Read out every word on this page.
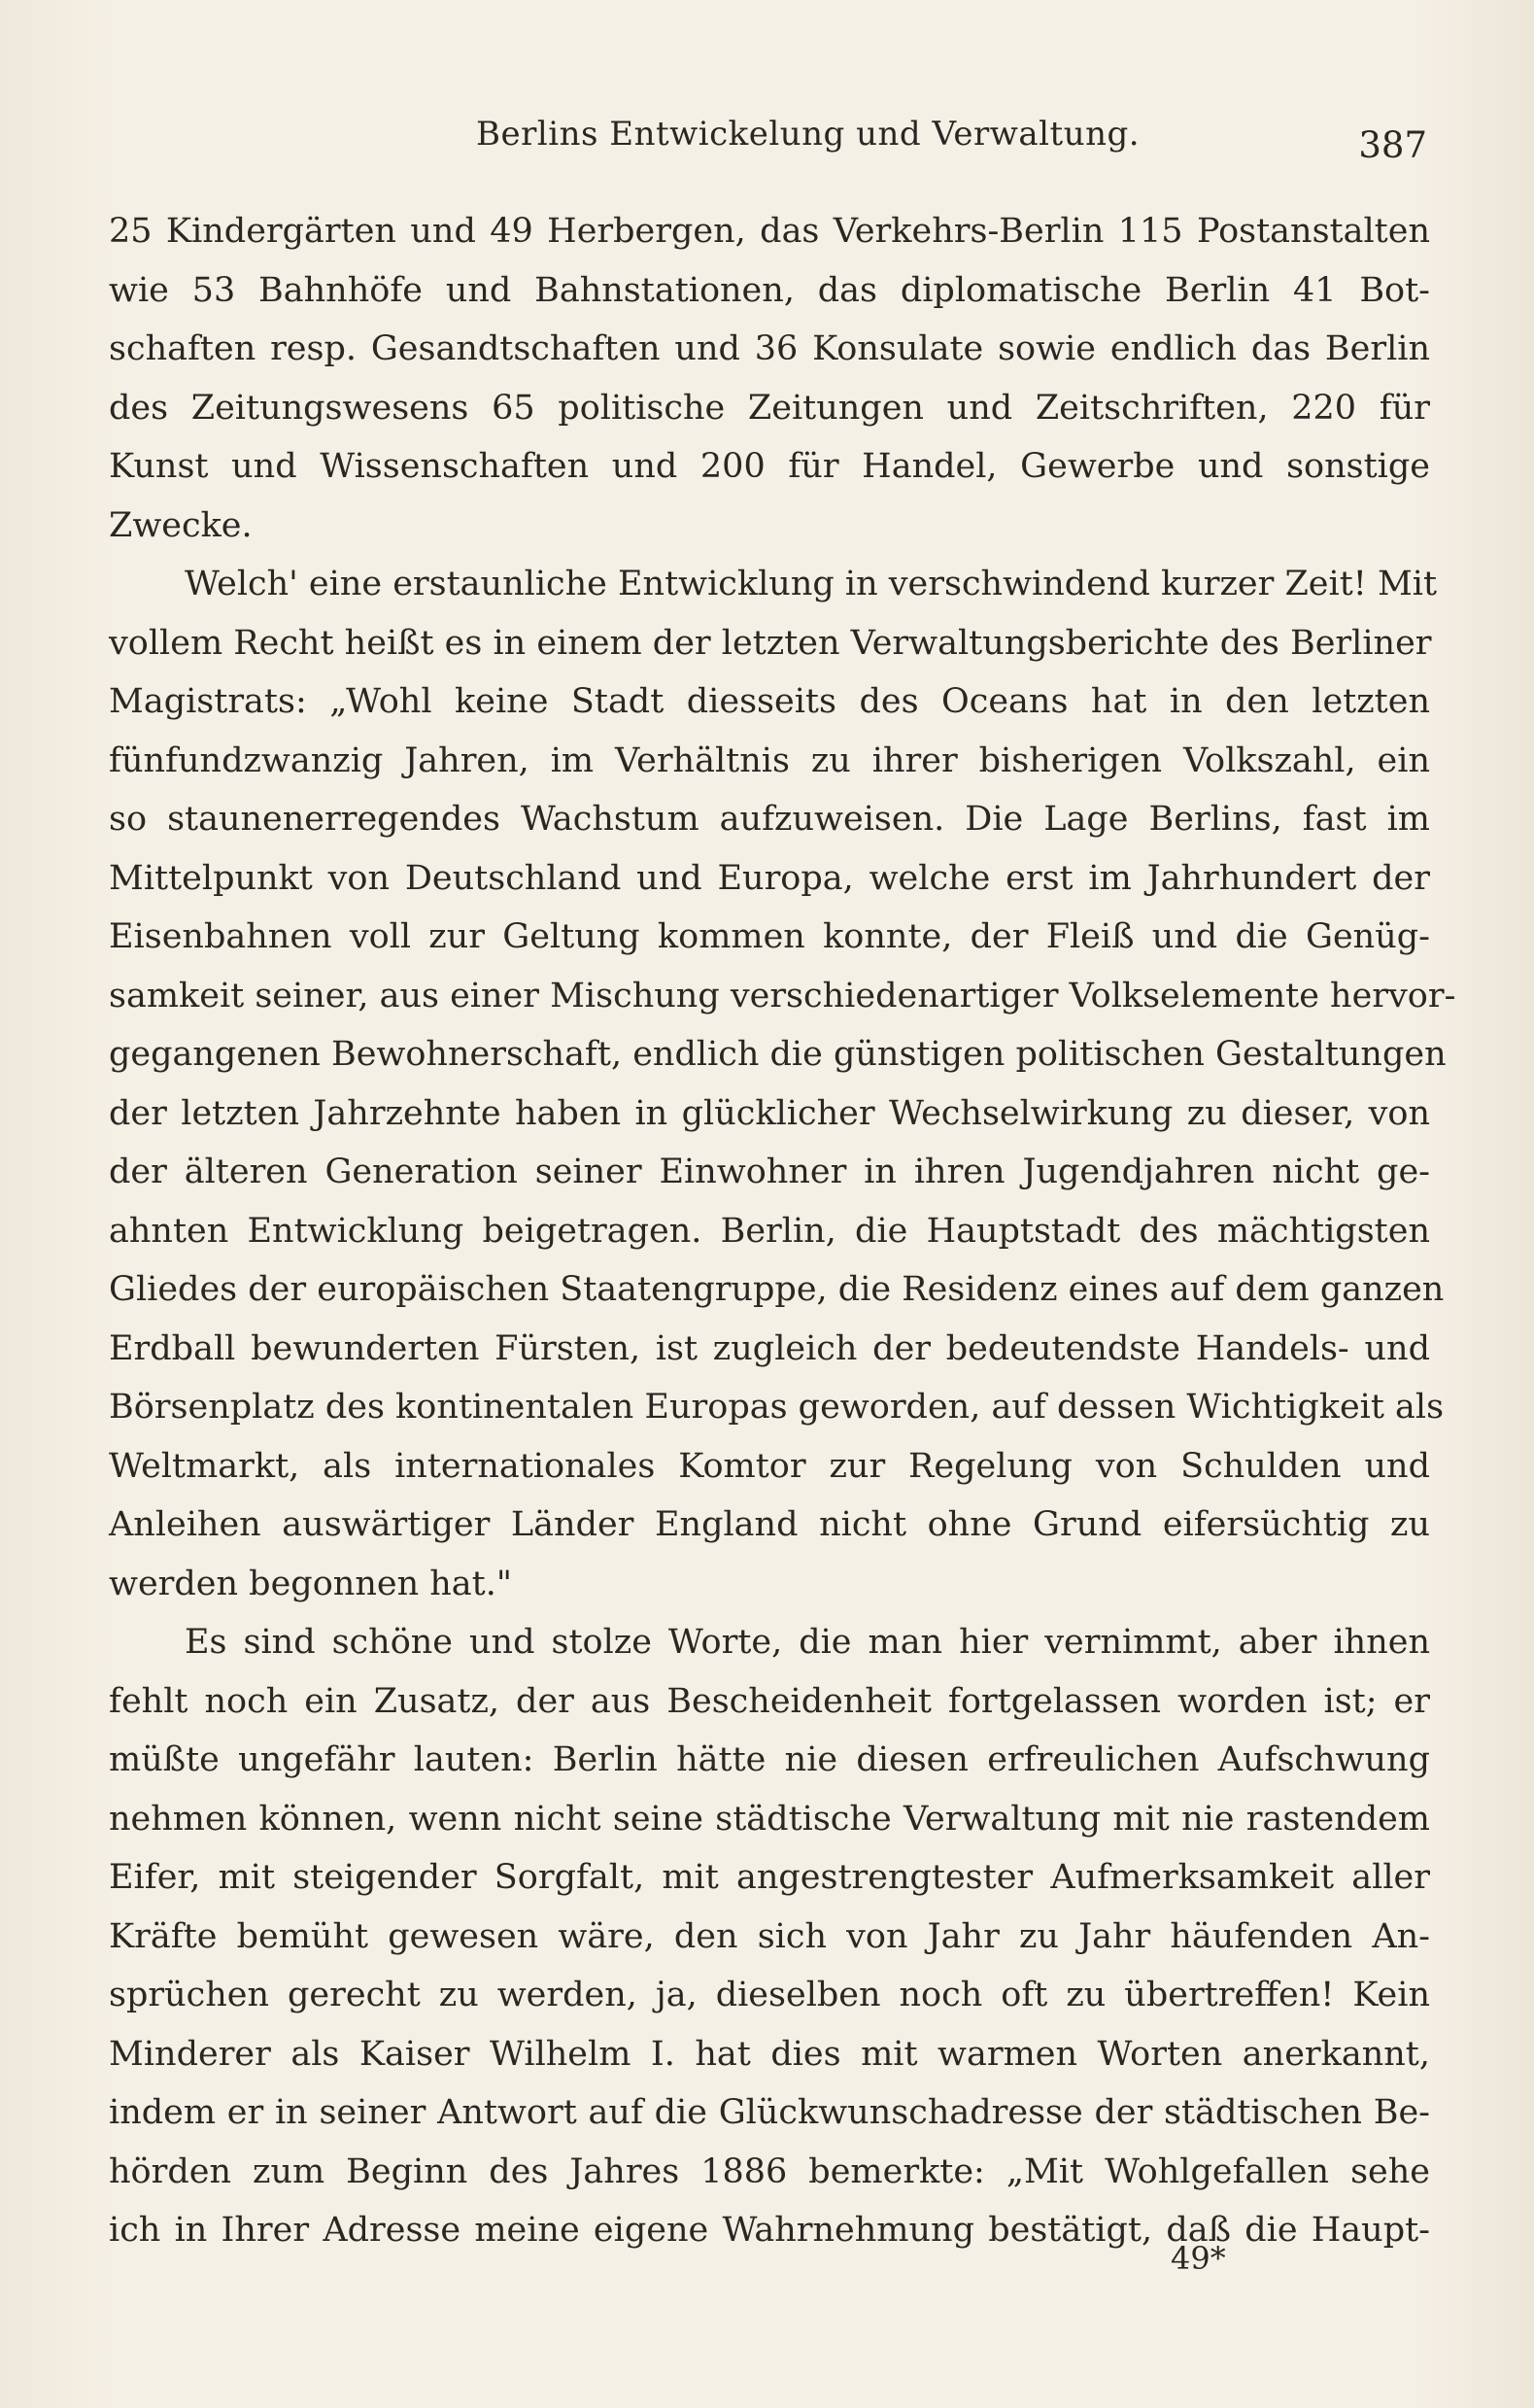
Berlins Entwickelung und Verwaltung.	387
25 Kindergärten und 49 Herbergen, das Verkehrs-Berlin 115 Postanstalten
wie 53 Bahnhöfe und Bahnstationen, das diplomatische Berlin 41 Bot-
schaften resp. Gesandtschaften und 36 Konsulate sowie endlich das Berlin
des Zeitungswesens 65 politische Zeitungen und Zeitschriften, 220 für
Kunst und Wissenschaften und 200 für Handel, Gewerbe und sonstige
Zwecke.
Welch' eine erstaunliche Entwicklung in verschwindend kurzer Zeit! Mit
vollem Recht heißt es in einem der letzten Verwaltungsberichte des Berliner
Magistrats: „Wohl keine Stadt diesseits des Oceans hat in den letzten
fünfundzwanzig Jahren, im Verhältnis zu ihrer bisherigen Volkszahl, ein
so staunenerregendes Wachstum aufzuweisen. Die Lage Berlins, fast im
Mittelpunkt von Deutschland und Europa, welche erst im Jahrhundert der
Eisenbahnen voll zur Geltung kommen konnte, der Fleiß und die Genüg-
samkeit seiner, aus einer Mischung verschiedenartiger Volkselemente hervor-
gegangenen Bewohnerschaft, endlich die günstigen politischen Gestaltungen
der letzten Jahrzehnte haben in glücklicher Wechselwirkung zu dieser, von
der älteren Generation seiner Einwohner in ihren Jugendjahren nicht ge-
ahnten Entwicklung beigetragen. Berlin, die Hauptstadt des mächtigsten
Gliedes der europäischen Staatengruppe, die Residenz eines auf dem ganzen
Erdball bewunderten Fürsten, ist zugleich der bedeutendste Handels- und
Börsenplatz des kontinentalen Europas geworden, auf dessen Wichtigkeit als
Weltmarkt, als internationales Komtor zur Regelung von Schulden und
Anleihen auswärtiger Länder England nicht ohne Grund eifersüchtig zu
werden begonnen hat."
Es sind schöne und stolze Worte, die man hier vernimmt, aber ihnen
fehlt noch ein Zusatz, der aus Bescheidenheit fortgelassen worden ist; er
müßte ungefähr lauten: Berlin hätte nie diesen erfreulichen Aufschwung
nehmen können, wenn nicht seine städtische Verwaltung mit nie rastendem
Eifer, mit steigender Sorgfalt, mit angestrengtester Aufmerksamkeit aller
Kräfte bemüht gewesen wäre, den sich von Jahr zu Jahr häufenden An-
sprüchen gerecht zu werden, ja, dieselben noch oft zu übertreffen! Kein
Minderer als Kaiser Wilhelm I. hat dies mit warmen Worten anerkannt,
indem er in seiner Antwort auf die Glückwunschadresse der städtischen Be-
hörden zum Beginn des Jahres 1886 bemerkte: „Mit Wohlgefallen sehe
ich in Ihrer Adresse meine eigene Wahrnehmung bestätigt, daß die Haupt-
49*
